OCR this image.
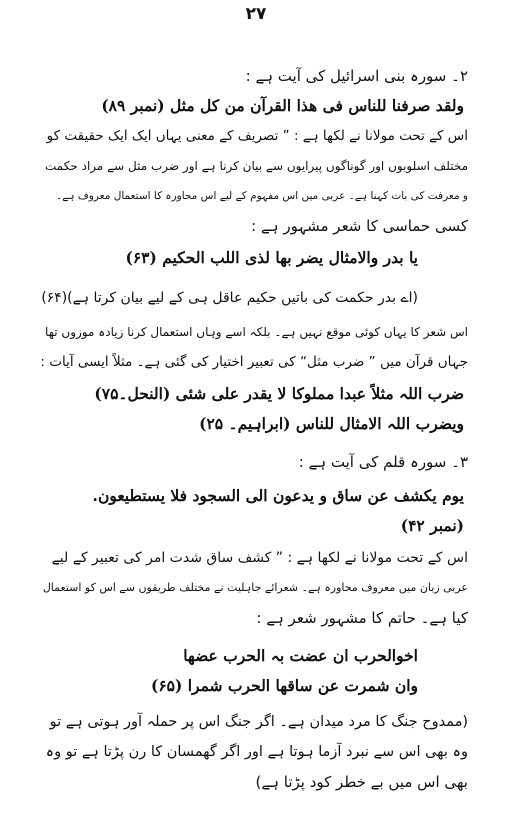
۲۷
۲۔ سورہ بنی اسرائیل کی آیت ہے :
ولقد صرفنا للناس فی ھذا القرآن من کل مثل (نمبر ۸۹)
اس کے تحت مولانا نے لکھا ہے : ” تصریف کے معنی یہاں ایک ایک حقیقت کو
مختلف اسلوبوں اور گوناگوں پیرایوں سے بیان کرنا ہے اور ضرب مثل سے مراد حکمت
و معرفت کی بات کہنا ہے۔ عربی میں اس مفہوم کے لیے اس محاورہ کا استعمال معروف ہے۔
کسی حماسی کا شعر مشہور ہے :
یا بدر والامثال یضر بھا لذی اللب الحکیم (۶۳)
(اے بدر حکمت کی باتیں حکیم عاقل ہی کے لیے بیان کرتا ہے)(۶۴)
اس شعر کا یہاں کوئی موقع نہیں ہے۔ بلکہ اسے وہاں استعمال کرنا زیادہ موزوں تھا
جہاں قرآن میں ” ضرب مثل“ کی تعبیر اختیار کی گئی ہے۔ مثلاً ایسی آیات :
ضرب اللہ مثلاً عبدا مملوکا لا یقدر علی شئی (النحل۔۷۵)
ویضرب اللہ الامثال للناس (ابراہیم۔ ۲۵)
۳۔ سورہ قلم کی آیت ہے :
یوم یکشف عن ساق و یدعون الی السجود فلا یستطیعون.
(نمبر ۴۲)
اس کے تحت مولانا نے لکھا ہے : ” کشف ساق شدت امر کی تعبیر کے لیے
عربی زبان میں معروف محاورہ ہے۔ شعرائے جاہلیت نے مختلف طریقوں سے اس کو استعمال
کیا ہے۔ حاتم کا مشہور شعر ہے :
اخوالحرب ان عضت بہ الحرب عضھا
وان شمرت عن ساقھا الحرب شمرا (۶۵)
(ممدوح جنگ کا مرد میدان ہے۔ اگر جنگ اس پر حملہ آور ہوتی ہے تو
وہ بھی اس سے نبرد آزما ہوتا ہے اور اگر گھمسان کا رن پڑتا ہے تو وہ
بھی اس میں بے خطر کود پڑتا ہے)
